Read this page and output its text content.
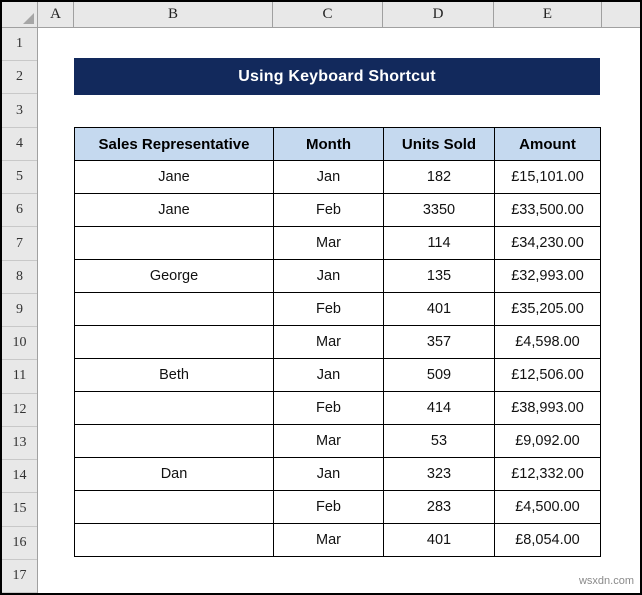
A	B	C	D	E
1
2
3
4
5
6
7
8
9
10
11
12
13
14
15
16
17
Using Keyboard Shortcut
Sales Representative	Month	Units Sold	Amount
Jane	Jan	182	£15,101.00
Jane	Feb	3350	£33,500.00
	Mar	114	£34,230.00
George	Jan	135	£32,993.00
	Feb	401	£35,205.00
	Mar	357	£4,598.00
Beth	Jan	509	£12,506.00
	Feb	414	£38,993.00
	Mar	53	£9,092.00
Dan	Jan	323	£12,332.00
	Feb	283	£4,500.00
	Mar	401	£8,054.00
wsxdn.com
